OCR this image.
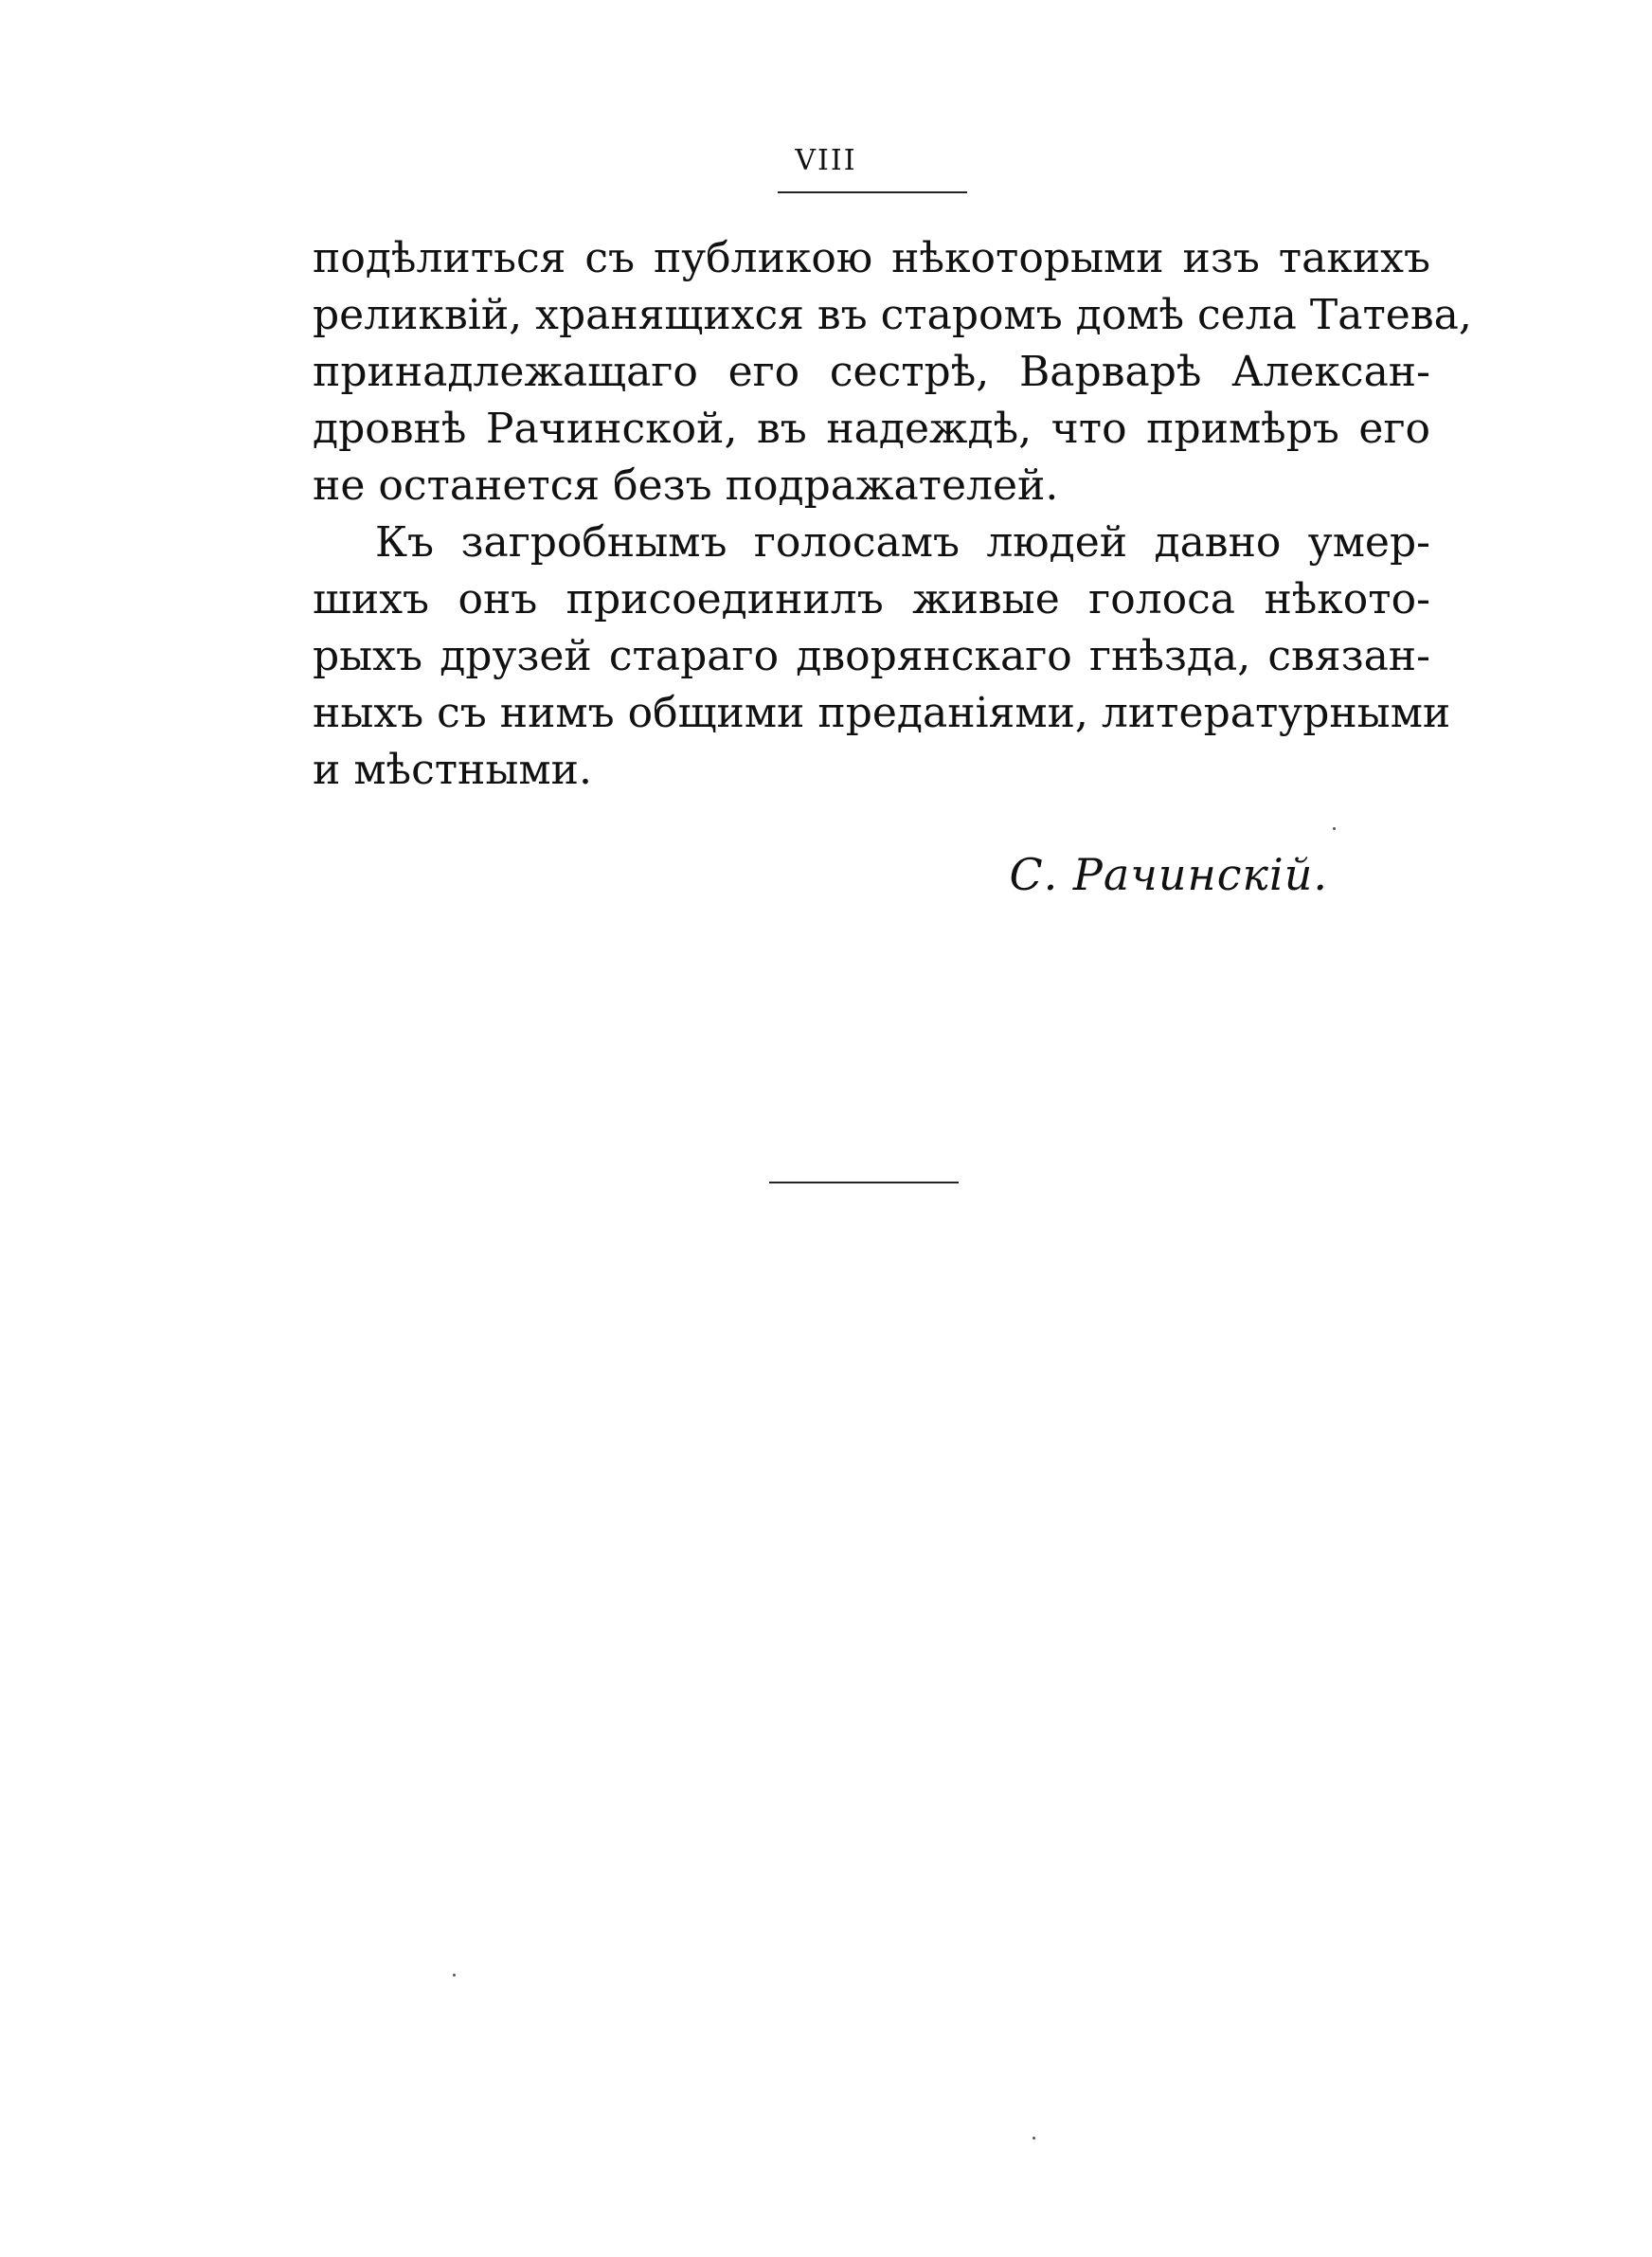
VIII
подѣлиться съ публикою нѣкоторыми изъ такихъ
реликвій, хранящихся въ старомъ домѣ села Татева,
принадлежащаго его сестрѣ, Варварѣ Алексан-
дровнѣ Рачинской, въ надеждѣ, что примѣръ его
не останется безъ подражателей.
Къ загробнымъ голосамъ людей давно умер-
шихъ онъ присоединилъ живые голоса нѣкото-
рыхъ друзей стараго дворянскаго гнѣзда, связан-
ныхъ съ нимъ общими преданіями, литературными
и мѣстными.
С. Рачинскій.
